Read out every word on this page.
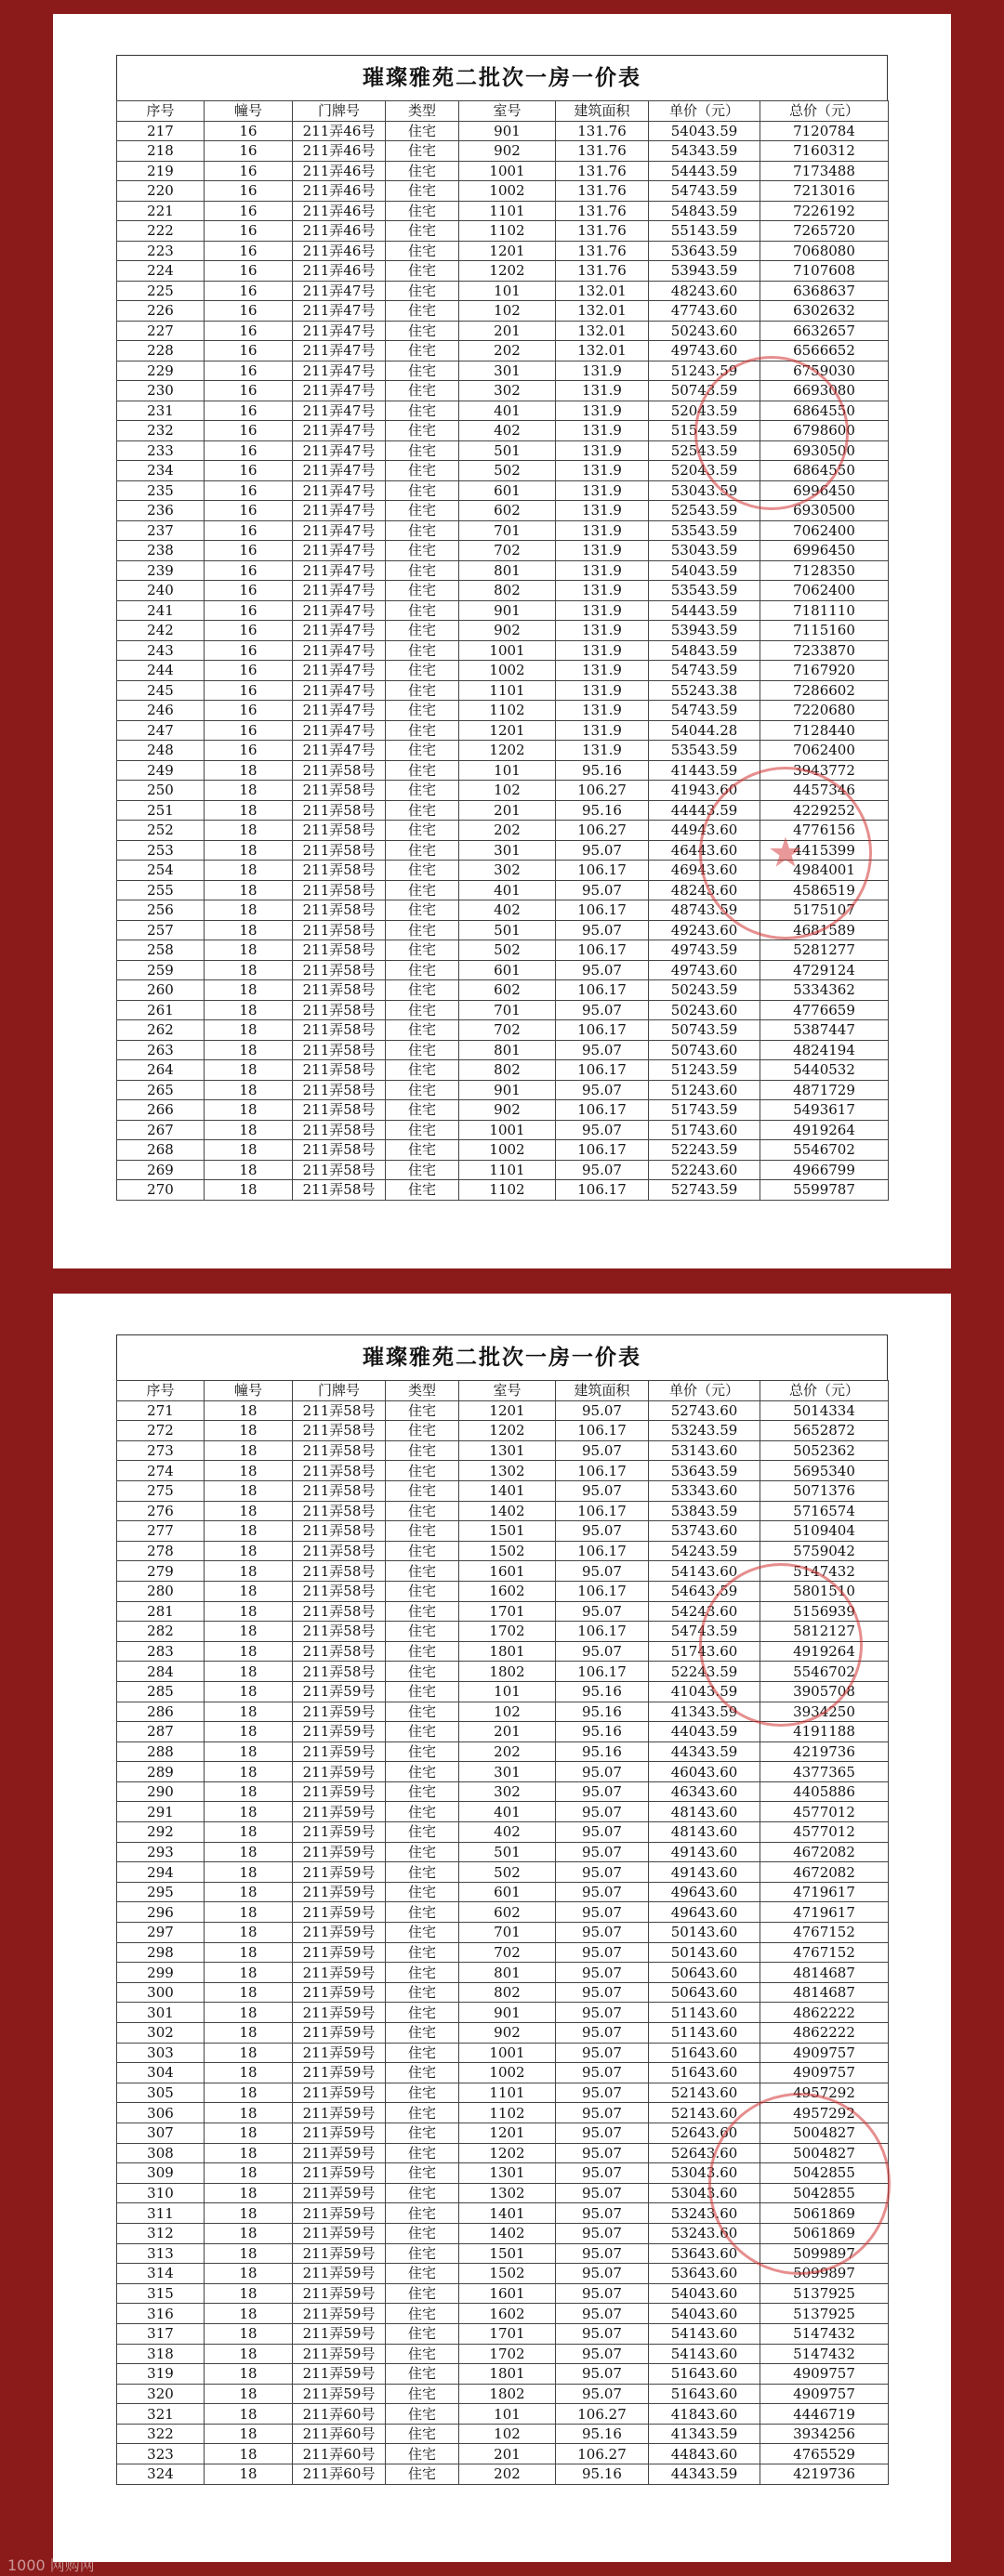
璀璨雅苑二批次一房一价表
序号	幢号	门牌号	类型	室号	建筑面积	单价（元）	总价（元）
217	16	211弄46号	住宅	901	131.76	54043.59	7120784
218	16	211弄46号	住宅	902	131.76	54343.59	7160312
219	16	211弄46号	住宅	1001	131.76	54443.59	7173488
220	16	211弄46号	住宅	1002	131.76	54743.59	7213016
221	16	211弄46号	住宅	1101	131.76	54843.59	7226192
222	16	211弄46号	住宅	1102	131.76	55143.59	7265720
223	16	211弄46号	住宅	1201	131.76	53643.59	7068080
224	16	211弄46号	住宅	1202	131.76	53943.59	7107608
225	16	211弄47号	住宅	101	132.01	48243.60	6368637
226	16	211弄47号	住宅	102	132.01	47743.60	6302632
227	16	211弄47号	住宅	201	132.01	50243.60	6632657
228	16	211弄47号	住宅	202	132.01	49743.60	6566652
229	16	211弄47号	住宅	301	131.9	51243.59	6759030
230	16	211弄47号	住宅	302	131.9	50743.59	6693080
231	16	211弄47号	住宅	401	131.9	52043.59	6864550
232	16	211弄47号	住宅	402	131.9	51543.59	6798600
233	16	211弄47号	住宅	501	131.9	52543.59	6930500
234	16	211弄47号	住宅	502	131.9	52043.59	6864550
235	16	211弄47号	住宅	601	131.9	53043.59	6996450
236	16	211弄47号	住宅	602	131.9	52543.59	6930500
237	16	211弄47号	住宅	701	131.9	53543.59	7062400
238	16	211弄47号	住宅	702	131.9	53043.59	6996450
239	16	211弄47号	住宅	801	131.9	54043.59	7128350
240	16	211弄47号	住宅	802	131.9	53543.59	7062400
241	16	211弄47号	住宅	901	131.9	54443.59	7181110
242	16	211弄47号	住宅	902	131.9	53943.59	7115160
243	16	211弄47号	住宅	1001	131.9	54843.59	7233870
244	16	211弄47号	住宅	1002	131.9	54743.59	7167920
245	16	211弄47号	住宅	1101	131.9	55243.38	7286602
246	16	211弄47号	住宅	1102	131.9	54743.59	7220680
247	16	211弄47号	住宅	1201	131.9	54044.28	7128440
248	16	211弄47号	住宅	1202	131.9	53543.59	7062400
249	18	211弄58号	住宅	101	95.16	41443.59	3943772
250	18	211弄58号	住宅	102	106.27	41943.60	4457346
251	18	211弄58号	住宅	201	95.16	44443.59	4229252
252	18	211弄58号	住宅	202	106.27	44943.60	4776156
253	18	211弄58号	住宅	301	95.07	46443.60	4415399
254	18	211弄58号	住宅	302	106.17	46943.60	4984001
255	18	211弄58号	住宅	401	95.07	48243.60	4586519
256	18	211弄58号	住宅	402	106.17	48743.59	5175107
257	18	211弄58号	住宅	501	95.07	49243.60	4681589
258	18	211弄58号	住宅	502	106.17	49743.59	5281277
259	18	211弄58号	住宅	601	95.07	49743.60	4729124
260	18	211弄58号	住宅	602	106.17	50243.59	5334362
261	18	211弄58号	住宅	701	95.07	50243.60	4776659
262	18	211弄58号	住宅	702	106.17	50743.59	5387447
263	18	211弄58号	住宅	801	95.07	50743.60	4824194
264	18	211弄58号	住宅	802	106.17	51243.59	5440532
265	18	211弄58号	住宅	901	95.07	51243.60	4871729
266	18	211弄58号	住宅	902	106.17	51743.59	5493617
267	18	211弄58号	住宅	1001	95.07	51743.60	4919264
268	18	211弄58号	住宅	1002	106.17	52243.59	5546702
269	18	211弄58号	住宅	1101	95.07	52243.60	4966799
270	18	211弄58号	住宅	1102	106.17	52743.59	5599787
★
璀璨雅苑二批次一房一价表
序号	幢号	门牌号	类型	室号	建筑面积	单价（元）	总价（元）
271	18	211弄58号	住宅	1201	95.07	52743.60	5014334
272	18	211弄58号	住宅	1202	106.17	53243.59	5652872
273	18	211弄58号	住宅	1301	95.07	53143.60	5052362
274	18	211弄58号	住宅	1302	106.17	53643.59	5695340
275	18	211弄58号	住宅	1401	95.07	53343.60	5071376
276	18	211弄58号	住宅	1402	106.17	53843.59	5716574
277	18	211弄58号	住宅	1501	95.07	53743.60	5109404
278	18	211弄58号	住宅	1502	106.17	54243.59	5759042
279	18	211弄58号	住宅	1601	95.07	54143.60	5147432
280	18	211弄58号	住宅	1602	106.17	54643.59	5801510
281	18	211弄58号	住宅	1701	95.07	54243.60	5156939
282	18	211弄58号	住宅	1702	106.17	54743.59	5812127
283	18	211弄58号	住宅	1801	95.07	51743.60	4919264
284	18	211弄58号	住宅	1802	106.17	52243.59	5546702
285	18	211弄59号	住宅	101	95.16	41043.59	3905708
286	18	211弄59号	住宅	102	95.16	41343.59	3934250
287	18	211弄59号	住宅	201	95.16	44043.59	4191188
288	18	211弄59号	住宅	202	95.16	44343.59	4219736
289	18	211弄59号	住宅	301	95.07	46043.60	4377365
290	18	211弄59号	住宅	302	95.07	46343.60	4405886
291	18	211弄59号	住宅	401	95.07	48143.60	4577012
292	18	211弄59号	住宅	402	95.07	48143.60	4577012
293	18	211弄59号	住宅	501	95.07	49143.60	4672082
294	18	211弄59号	住宅	502	95.07	49143.60	4672082
295	18	211弄59号	住宅	601	95.07	49643.60	4719617
296	18	211弄59号	住宅	602	95.07	49643.60	4719617
297	18	211弄59号	住宅	701	95.07	50143.60	4767152
298	18	211弄59号	住宅	702	95.07	50143.60	4767152
299	18	211弄59号	住宅	801	95.07	50643.60	4814687
300	18	211弄59号	住宅	802	95.07	50643.60	4814687
301	18	211弄59号	住宅	901	95.07	51143.60	4862222
302	18	211弄59号	住宅	902	95.07	51143.60	4862222
303	18	211弄59号	住宅	1001	95.07	51643.60	4909757
304	18	211弄59号	住宅	1002	95.07	51643.60	4909757
305	18	211弄59号	住宅	1101	95.07	52143.60	4957292
306	18	211弄59号	住宅	1102	95.07	52143.60	4957292
307	18	211弄59号	住宅	1201	95.07	52643.60	5004827
308	18	211弄59号	住宅	1202	95.07	52643.60	5004827
309	18	211弄59号	住宅	1301	95.07	53043.60	5042855
310	18	211弄59号	住宅	1302	95.07	53043.60	5042855
311	18	211弄59号	住宅	1401	95.07	53243.60	5061869
312	18	211弄59号	住宅	1402	95.07	53243.60	5061869
313	18	211弄59号	住宅	1501	95.07	53643.60	5099897
314	18	211弄59号	住宅	1502	95.07	53643.60	5099897
315	18	211弄59号	住宅	1601	95.07	54043.60	5137925
316	18	211弄59号	住宅	1602	95.07	54043.60	5137925
317	18	211弄59号	住宅	1701	95.07	54143.60	5147432
318	18	211弄59号	住宅	1702	95.07	54143.60	5147432
319	18	211弄59号	住宅	1801	95.07	51643.60	4909757
320	18	211弄59号	住宅	1802	95.07	51643.60	4909757
321	18	211弄60号	住宅	101	106.27	41843.60	4446719
322	18	211弄60号	住宅	102	95.16	41343.59	3934256
323	18	211弄60号	住宅	201	106.27	44843.60	4765529
324	18	211弄60号	住宅	202	95.16	44343.59	4219736
1000 网购网
